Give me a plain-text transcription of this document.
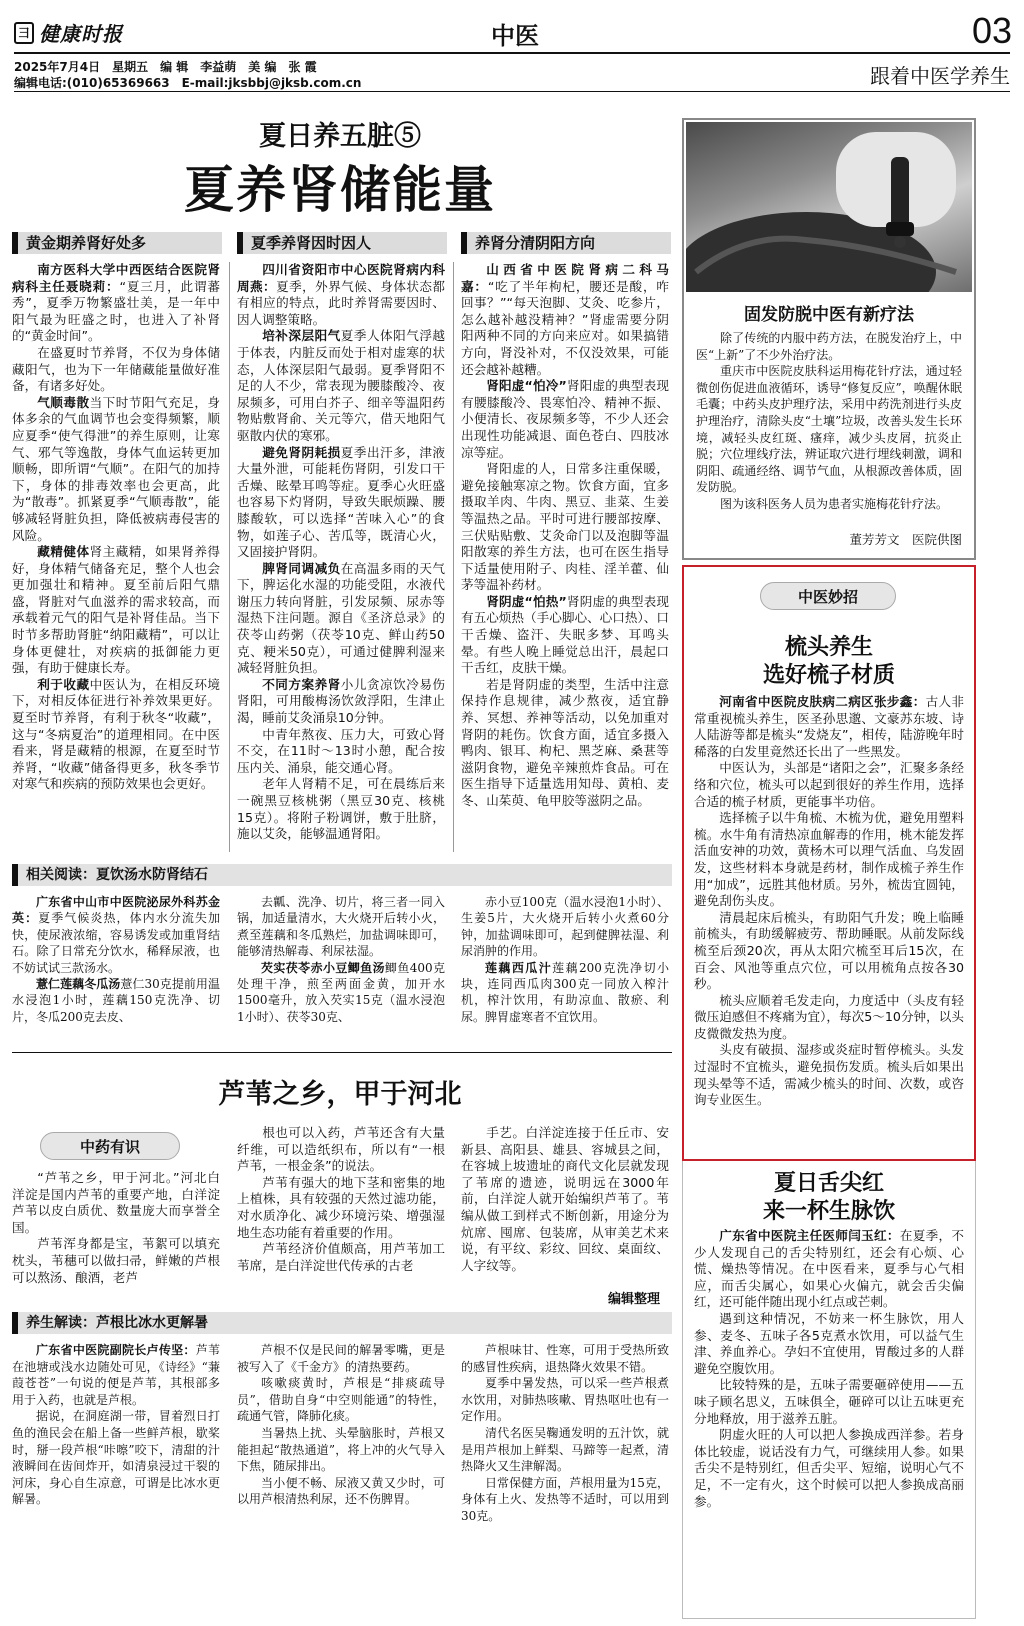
⺕ 健康时报	中医	03
2025年7月4日　星期五　编 辑　李益萌　美 编　张 霞
编辑电话:(010)65369663　E-mail:jksbbj@jksb.com.cn	跟着中医学养生
夏日养五脏⑤
夏养肾储能量
黄金期养肾好处多	夏季养肾因时因人	养肾分清阴阳方向

南方医科大学中西医结合医院肾病科主任聂晓莉：“夏三月，此谓蕃秀”，夏季万物繁盛壮美，是一年中阳气最为旺盛之时，也进入了补肾的“黄金时间”。

在盛夏时节养肾，不仅为身体储藏阳气，也为下一年储藏能量做好准备，有诸多好处。

气顺毒散当下时节阳气充足，身体多余的气血调节也会变得频繁，顺应夏季“使气得泄”的养生原则，让寒气、邪气等逸散，身体气血运转更加顺畅，即所谓“气顺”。在阳气的加持下，身体的排毒效率也会更高，此为“散毒”。抓紧夏季“气顺毒散”，能够减轻肾脏负担，降低被病毒侵害的风险。

藏精健体肾主藏精，如果肾养得好，身体精气储备充足，整个人也会更加强壮和精神。夏至前后阳气鼎盛，肾脏对气血滋养的需求较高，而承载着元气的阳气是补肾佳品。当下时节多帮助肾脏“纳阳藏精”，可以让身体更健壮，对疾病的抵御能力更强，有助于健康长寿。

利于收藏中医认为，在相反环境下，对相反体征进行补养效果更好。夏至时节养肾，有利于秋冬“收藏”，这与“冬病夏治”的道理相同。在中医看来，肾是藏精的根源，在夏至时节养肾，“收藏”储备得更多，秋冬季节对寒气和疾病的预防效果也会更好。

四川省资阳市中心医院肾病内科周燕：夏季，外界气候、身体状态都有相应的特点，此时养肾需要因时、因人调整策略。

培补深层阳气夏季人体阳气浮越于体表，内脏反而处于相对虚寒的状态，人体深层阳气最弱。夏季肾阳不足的人不少，常表现为腰膝酸冷、夜尿频多，可用白芥子、细辛等温阳药物贴敷肾俞、关元等穴，借天地阳气驱散内伏的寒邪。

避免肾阴耗损夏季出汗多，津液大量外泄，可能耗伤肾阴，引发口干舌燥、眩晕耳鸣等症。夏季心火旺盛也容易下灼肾阴，导致失眠烦躁、腰膝酸软，可以选择“苦味入心”的食物，如莲子心、苦瓜等，既清心火，又固接护肾阴。

脾肾同调减负在高温多雨的天气下，脾运化水湿的功能受阻，水液代谢压力转向肾脏，引发尿频、尿赤等湿热下注问题。源自《圣济总录》的茯苓山药粥（茯苓10克、鲜山药50克、粳米50克），可通过健脾利湿来减轻肾脏负担。

不同方案养肾小儿贪凉饮冷易伤肾阳，可用酸梅汤饮敛浮阳，生津止渴，睡前艾灸涌泉10分钟。

中青年熬夜、压力大，可致心肾不交，在11时～13时小憩，配合按压内关、涌泉，能交通心肾。

老年人肾精不足，可在晨练后来一碗黑豆核桃粥（黑豆30克、核桃15克）。将附子粉调饼，敷于肚脐，施以艾灸，能够温通肾阳。

山西省中医院肾病二科马嘉：“吃了半年枸杞，腰还是酸，咋回事？”“每天泡脚、艾灸、吃参片，怎么越补越没精神？”肾虚需要分阴阳两种不同的方向来应对。如果搞错方向，肾没补对，不仅没效果，可能还会越补越糟。

肾阳虚“怕冷”肾阳虚的典型表现有腰膝酸冷、畏寒怕冷、精神不振、小便清长、夜尿频多等，不少人还会出现性功能减退、面色苍白、四肢冰凉等症。

肾阳虚的人，日常多注重保暖，避免接触寒凉之物。饮食方面，宜多摄取羊肉、牛肉、黑豆、韭菜、生姜等温热之品。平时可进行腰部按摩、三伏贴贴敷、艾灸命门以及泡脚等温阳散寒的养生方法，也可在医生指导下适量使用附子、肉桂、淫羊藿、仙茅等温补药材。

肾阴虚“怕热”肾阴虚的典型表现有五心烦热（手心脚心、心口热）、口干舌燥、盗汗、失眠多梦、耳鸣头晕。有些人晚上睡觉总出汗，晨起口干舌红，皮肤干燥。

若是肾阴虚的类型，生活中注意保持作息规律，减少熬夜，适宜静养、冥想、养神等活动，以免加重对肾阴的耗伤。饮食方面，适宜多摄入鸭肉、银耳、枸杞、黑芝麻、桑葚等滋阴食物，避免辛辣煎炸食品。可在医生指导下适量选用知母、黄柏、麦冬、山茱萸、龟甲胶等滋阴之品。

相关阅读：夏饮汤水防肾结石

广东省中山市中医院泌尿外科苏金英：夏季气候炎热，体内水分流失加快，使尿液浓缩，容易诱发或加重肾结石。除了日常充分饮水，稀释尿液，也不妨试试三款汤水。

薏仁莲藕冬瓜汤薏仁30克提前用温水浸泡1小时，莲藕150克洗净、切片，冬瓜200克去皮、

去瓤、洗净、切片，将三者一同入锅，加适量清水，大火烧开后转小火，煮至莲藕和冬瓜熟烂，加盐调味即可，能够清热解毒、利尿祛湿。

芡实茯苓赤小豆鲫鱼汤鲫鱼400克处理干净，煎至两面金黄，加开水1500毫升，放入芡实15克（温水浸泡1小时）、茯苓30克、

赤小豆100克（温水浸泡1小时）、生姜5片，大火烧开后转小火煮60分钟，加盐调味即可，起到健脾祛湿、利尿消肿的作用。

莲藕西瓜汁莲藕200克洗净切小块，连同西瓜肉300克一同放入榨汁机，榨汁饮用，有助凉血、散瘀、利尿。脾胃虚寒者不宜饮用。

芦苇之乡，甲于河北
中药有识

“芦苇之乡，甲于河北。”河北白洋淀是国内芦苇的重要产地，白洋淀芦苇以皮白质优、数量庞大而享誉全国。

芦苇浑身都是宝，苇絮可以填充枕头，苇穗可以做扫帚，鲜嫩的芦根可以熬汤、酿酒，老芦

根也可以入药，芦苇还含有大量纤维，可以造纸织布，所以有“一根芦苇，一根金条”的说法。

芦苇有强大的地下茎和密集的地上植株，具有较强的天然过滤功能，对水质净化、减少环境污染、增强湿地生态功能有着重要的作用。

芦苇经济价值颇高，用芦苇加工苇席，是白洋淀世代传承的古老

手艺。白洋淀连接于任丘市、安新县、高阳县、雄县、容城县之间，在容城上坡遗址的商代文化层就发现了苇席的遗迹，说明远在3000年前，白洋淀人就开始编织芦苇了。苇编从做工到样式不断创新，用途分为炕席、囤席、包装席，从审美艺术来说，有平纹、彩纹、回纹、桌面纹、人字纹等。

编辑整理
养生解读：芦根比冰水更解暑

广东省中医院副院长卢传坚：芦苇在池塘或浅水边随处可见，《诗经》“蒹葭苍苍”一句说的便是芦苇，其根部多用于入药，也就是芦根。

据说，在洞庭湖一带，冒着烈日打鱼的渔民会在船上备一些鲜芦根，歇桨时，掰一段芦根“咔嚓”咬下，清甜的汁液瞬间在齿间炸开，如清泉浸过干裂的河床，身心自生凉意，可谓是比冰水更解暑。

芦根不仅是民间的解暑零嘴，更是被写入了《千金方》的清热要药。

咳嗽痰黄时，芦根是“排痰疏导员”，借助自身“中空则能通”的特性，疏通气管，降肺化痰。

当暑热上扰、头晕脑胀时，芦根又能担起“散热通道”，将上冲的火气导入下焦，随尿排出。

当小便不畅、尿液又黄又少时，可以用芦根清热利尿，还不伤脾胃。

芦根味甘、性寒，可用于受热所致的感冒性疾病，退热降火效果不错。

夏季中暑发热，可以采一些芦根煮水饮用，对肺热咳嗽、胃热呕吐也有一定作用。

清代名医吴鞠通发明的五汁饮，就是用芦根加上鲜梨、马蹄等一起煮，清热降火又生津解渴。

日常保健方面，芦根用量为15克，身体有上火、发热等不适时，可以用到30克。

固发防脱中医有新疗法

除了传统的内服中药方法，在脱发治疗上，中医“上新”了不少外治疗法。

重庆市中医院皮肤科运用梅花针疗法，通过轻微创伤促进血液循环，诱导“修复反应”，唤醒休眠毛囊；中药头皮护理疗法，采用中药洗剂进行头皮护理治疗，清除头皮“土壤”垃圾，改善头发生长环境，减轻头皮红斑、瘙痒，减少头皮屑，抗炎止脱；穴位埋线疗法，辨证取穴进行埋线刺激，调和阴阳、疏通经络、调节气血，从根源改善体质，固发防脱。

图为该科医务人员为患者实施梅花针疗法。

董芳芳文　医院供图
中医妙招
梳头养生
选好梳子材质

河南省中医院皮肤病二病区张步鑫：古人非常重视梳头养生，医圣孙思邈、文豪苏东坡、诗人陆游等都是梳头“发烧友”，相传，陆游晚年时稀落的白发里竟然还长出了一些黑发。

中医认为，头部是“诸阳之会”，汇聚多条经络和穴位，梳头可以起到很好的养生作用，选择合适的梳子材质，更能事半功倍。

选择梳子以牛角梳、木梳为优，避免用塑料梳。水牛角有清热凉血解毒的作用，桃木能发挥活血安神的功效，黄杨木可以理气活血、乌发固发，这些材料本身就是药材，制作成梳子养生作用“加成”，远胜其他材质。另外，梳齿宜圆钝，避免刮伤头皮。

清晨起床后梳头，有助阳气升发；晚上临睡前梳头，有助缓解疲劳、帮助睡眠。从前发际线梳至后颈20次，再从太阳穴梳至耳后15次，在百会、风池等重点穴位，可以用梳角点按各30秒。

梳头应顺着毛发走向，力度适中（头皮有轻微压迫感但不疼痛为宜），每次5～10分钟，以头皮微微发热为度。

头皮有破损、湿疹或炎症时暂停梳头。头发过湿时不宜梳头，避免损伤发质。梳头后如果出现头晕等不适，需减少梳头的时间、次数，或咨询专业医生。

夏日舌尖红
来一杯生脉饮

广东省中医院主任医师闫玉红：在夏季，不少人发现自己的舌尖特别红，还会有心烦、心慌、燥热等情况。在中医看来，夏季与心气相应，而舌尖属心，如果心火偏亢，就会舌尖偏红，还可能伴随出现小红点或芒刺。

遇到这种情况，不妨来一杯生脉饮，用人参、麦冬、五味子各5克煮水饮用，可以益气生津、养血养心。孕妇不宜使用，胃酸过多的人群避免空腹饮用。

比较特殊的是，五味子需要砸碎使用——五味子顾名思义，五味俱全，砸碎可以让五味更充分地释放，用于滋养五脏。

阴虚火旺的人可以把人参换成西洋参。若身体比较虚，说话没有力气，可继续用人参。如果舌尖不是特别红，但舌尖平、短缩，说明心气不足，不一定有火，这个时候可以把人参换成高丽参。
